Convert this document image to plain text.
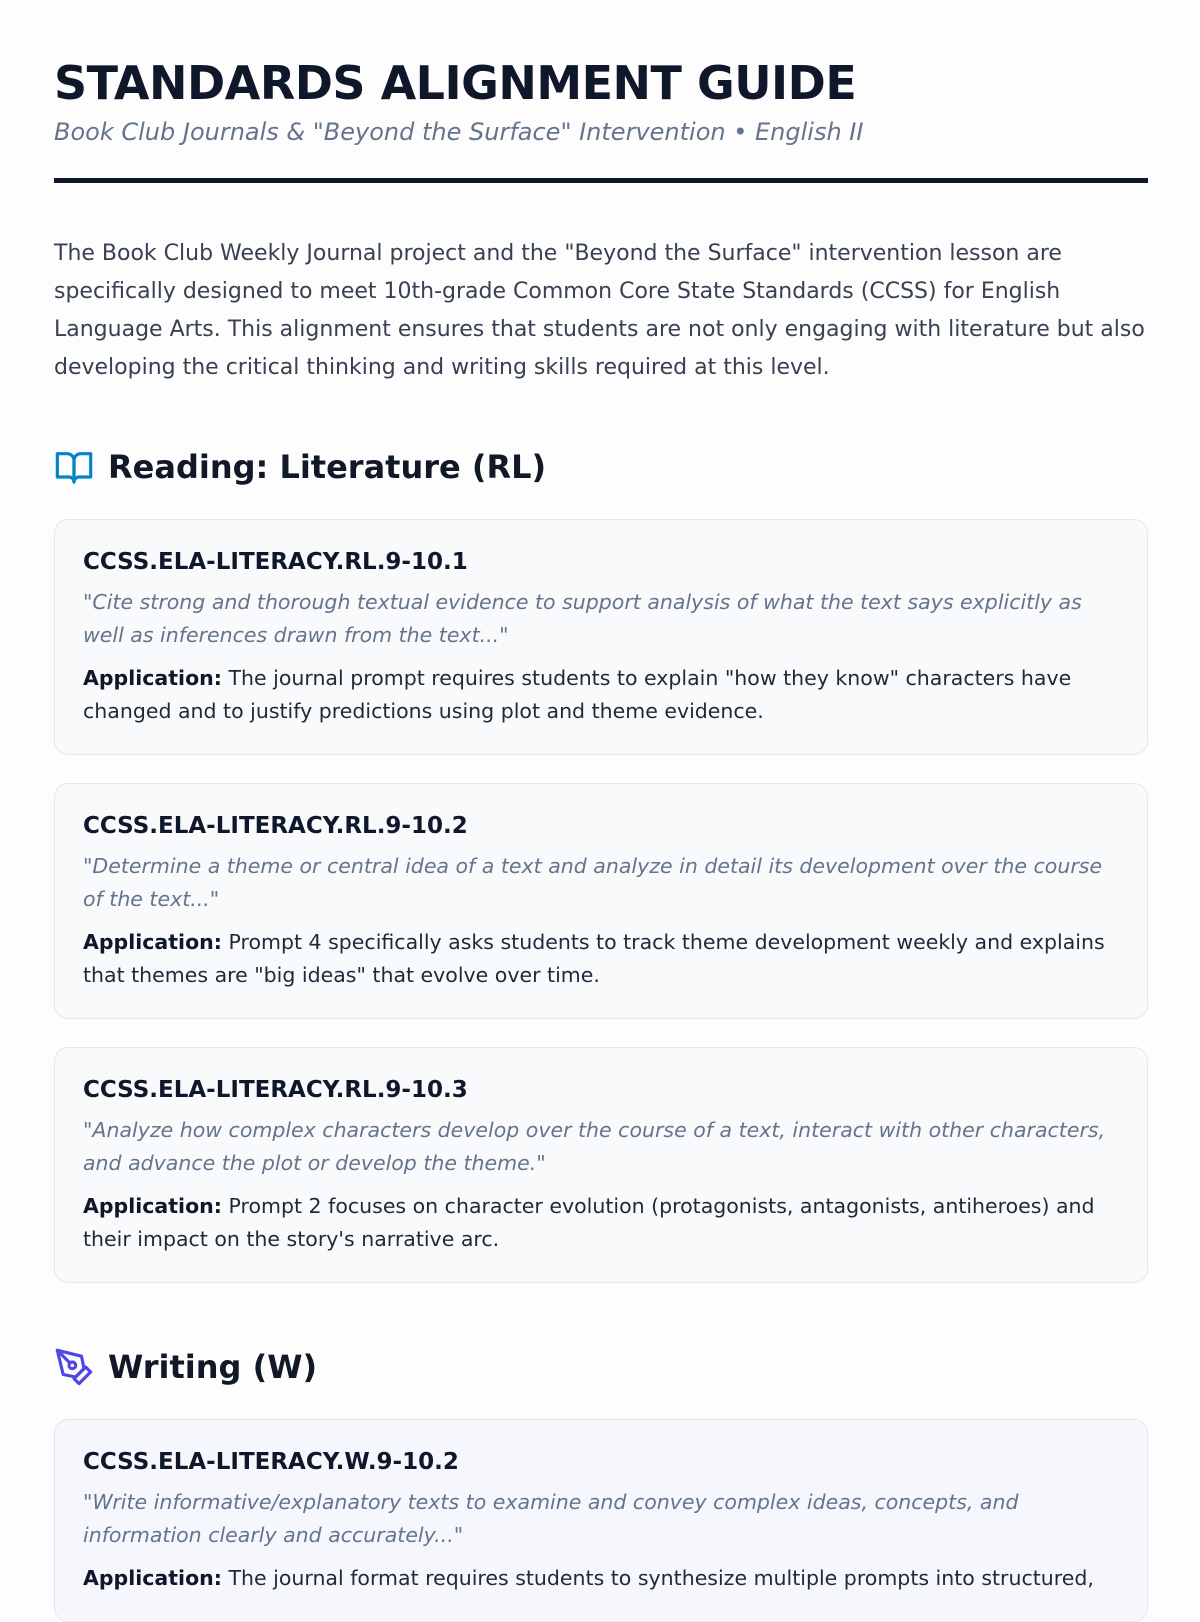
STANDARDS ALIGNMENT GUIDE
Book Club Journals & "Beyond the Surface" Intervention • English II

The Book Club Weekly Journal project and the "Beyond the Surface" intervention lesson are specifically designed to meet 10th-grade Common Core State Standards (CCSS) for English Language Arts. This alignment ensures that students are not only engaging with literature but also developing the critical thinking and writing skills required at this level.

Reading: Literature (RL)
CCSS.ELA-LITERACY.RL.9-10.1
"Cite strong and thorough textual evidence to support analysis of what the text says explicitly as well as inferences drawn from the text..."
Application: The journal prompt requires students to explain "how they know" characters have changed and to justify predictions using plot and theme evidence.
CCSS.ELA-LITERACY.RL.9-10.2
"Determine a theme or central idea of a text and analyze in detail its development over the course of the text..."
Application: Prompt 4 specifically asks students to track theme development weekly and explains that themes are "big ideas" that evolve over time.
CCSS.ELA-LITERACY.RL.9-10.3
"Analyze how complex characters develop over the course of a text, interact with other characters, and advance the plot or develop the theme."
Application: Prompt 2 focuses on character evolution (protagonists, antagonists, antiheroes) and their impact on the story's narrative arc.
Writing (W)
CCSS.ELA-LITERACY.W.9-10.2
"Write informative/explanatory texts to examine and convey complex ideas, concepts, and information clearly and accurately..."
Application: The journal format requires students to synthesize multiple prompts into structured,
